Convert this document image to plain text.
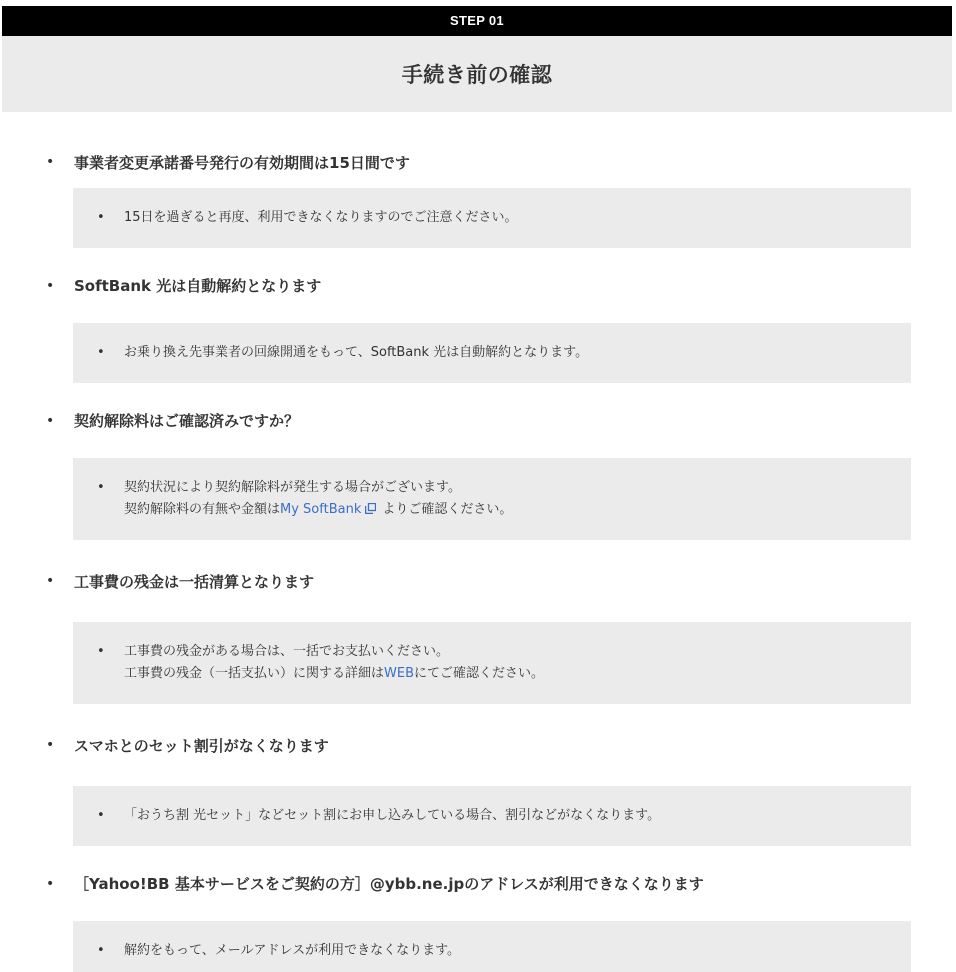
STEP 01
手続き前の確認
• 事業者変更承諾番号発行の有効期間は15日間です
• 15日を過ぎると再度、利用できなくなりますのでご注意ください。
• SoftBank 光は自動解約となります
• お乗り換え先事業者の回線開通をもって、SoftBank 光は自動解約となります。
• 契約解除料はご確認済みですか？
• 契約状況により契約解除料が発生する場合がございます。
契約解除料の有無や金額はMy SoftBank よりご確認ください。
• 工事費の残金は一括清算となります
• 工事費の残金がある場合は、一括でお支払いください。
工事費の残金（一括支払い）に関する詳細はWEBにてご確認ください。
• スマホとのセット割引がなくなります
• 「おうち割 光セット」などセット割にお申し込みしている場合、割引などがなくなります。
• ［Yahoo!BB 基本サービスをご契約の方］@ybb.ne.jpのアドレスが利用できなくなります
• 解約をもって、メールアドレスが利用できなくなります。
